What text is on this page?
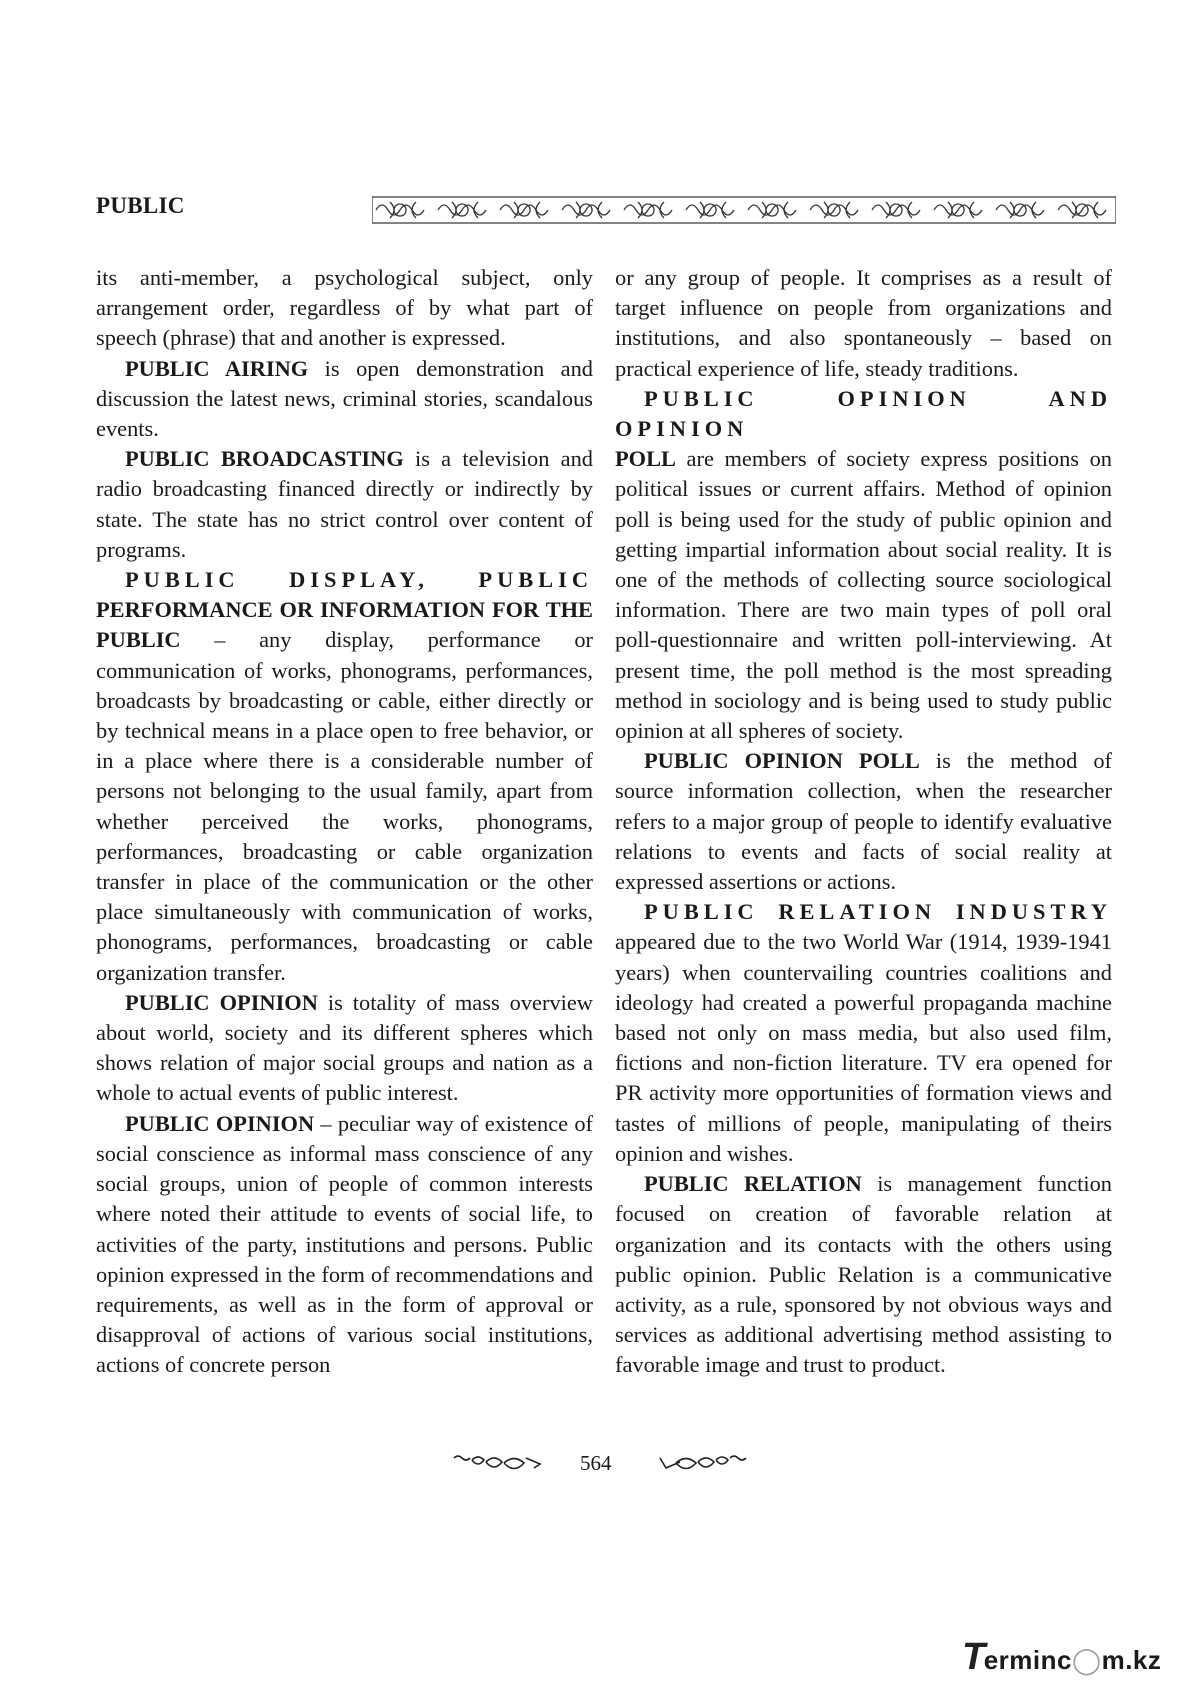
PUBLIC

its anti-member, a psychological subject, only arrangement order, regardless of by what part of speech (phrase) that and another is expressed.

PUBLIC AIRING is open demonstration and discussion the latest news, criminal stories, scandalous events.

PUBLIC BROADCASTING is a television and radio broadcasting financed directly or indirectly by state. The state has no strict control over content of programs.

PUBLIC DISPLAY, PUBLIC

PERFORMANCE OR INFORMATION FOR THE PUBLIC – any display, performance or communication of works, phonograms, performances, broadcasts by broadcasting or cable, either directly or by technical means in a place open to free behavior, or in a place where there is a considerable number of persons not belonging to the usual family, apart from whether perceived the works, phonograms, performances, broadcasting or cable organization transfer in place of the communication or the other place simultaneously with communication of works, phonograms, performances, broadcasting or cable organization transfer.

PUBLIC OPINION is totality of mass overview about world, society and its different spheres which shows relation of major social groups and nation as a whole to actual events of public interest.

PUBLIC OPINION – peculiar way of existence of social conscience as informal mass conscience of any social groups, union of people of common interests where noted their attitude to events of social life, to activities of the party, institutions and persons. Public opinion expressed in the form of recommendations and requirements, as well as in the form of approval or disapproval of actions of various social institutions, actions of concrete person

or any group of people. It comprises as a result of target influence on people from organizations and institutions, and also spontaneously – based on practical experience of life, steady traditions.

PUBLIC OPINION AND OPINION

POLL are members of society express positions on political issues or current affairs. Method of opinion poll is being used for the study of public opinion and getting impartial information about social reality. It is one of the methods of collecting source sociological information. There are two main types of poll oral poll-questionnaire and written poll-interviewing. At present time, the poll method is the most spreading method in sociology and is being used to study public opinion at all spheres of society.

PUBLIC OPINION POLL is the method of source information collection, when the researcher refers to a major group of people to identify evaluative relations to events and facts of social reality at expressed assertions or actions.

PUBLIC RELATION INDUSTRY

appeared due to the two World War (1914, 1939-1941 years) when countervailing countries coalitions and ideology had created a powerful propaganda machine based not only on mass media, but also used film, fictions and non-fiction literature. TV era opened for PR activity more opportunities of formation views and tastes of millions of people, manipulating of theirs opinion and wishes.

PUBLIC RELATION is management function focused on creation of favorable relation at organization and its contacts with the others using public opinion. Public Relation is a communicative activity, as a rule, sponsored by not obvious ways and services as additional advertising method assisting to favorable image and trust to product.

564
Terminc◯m.kz
